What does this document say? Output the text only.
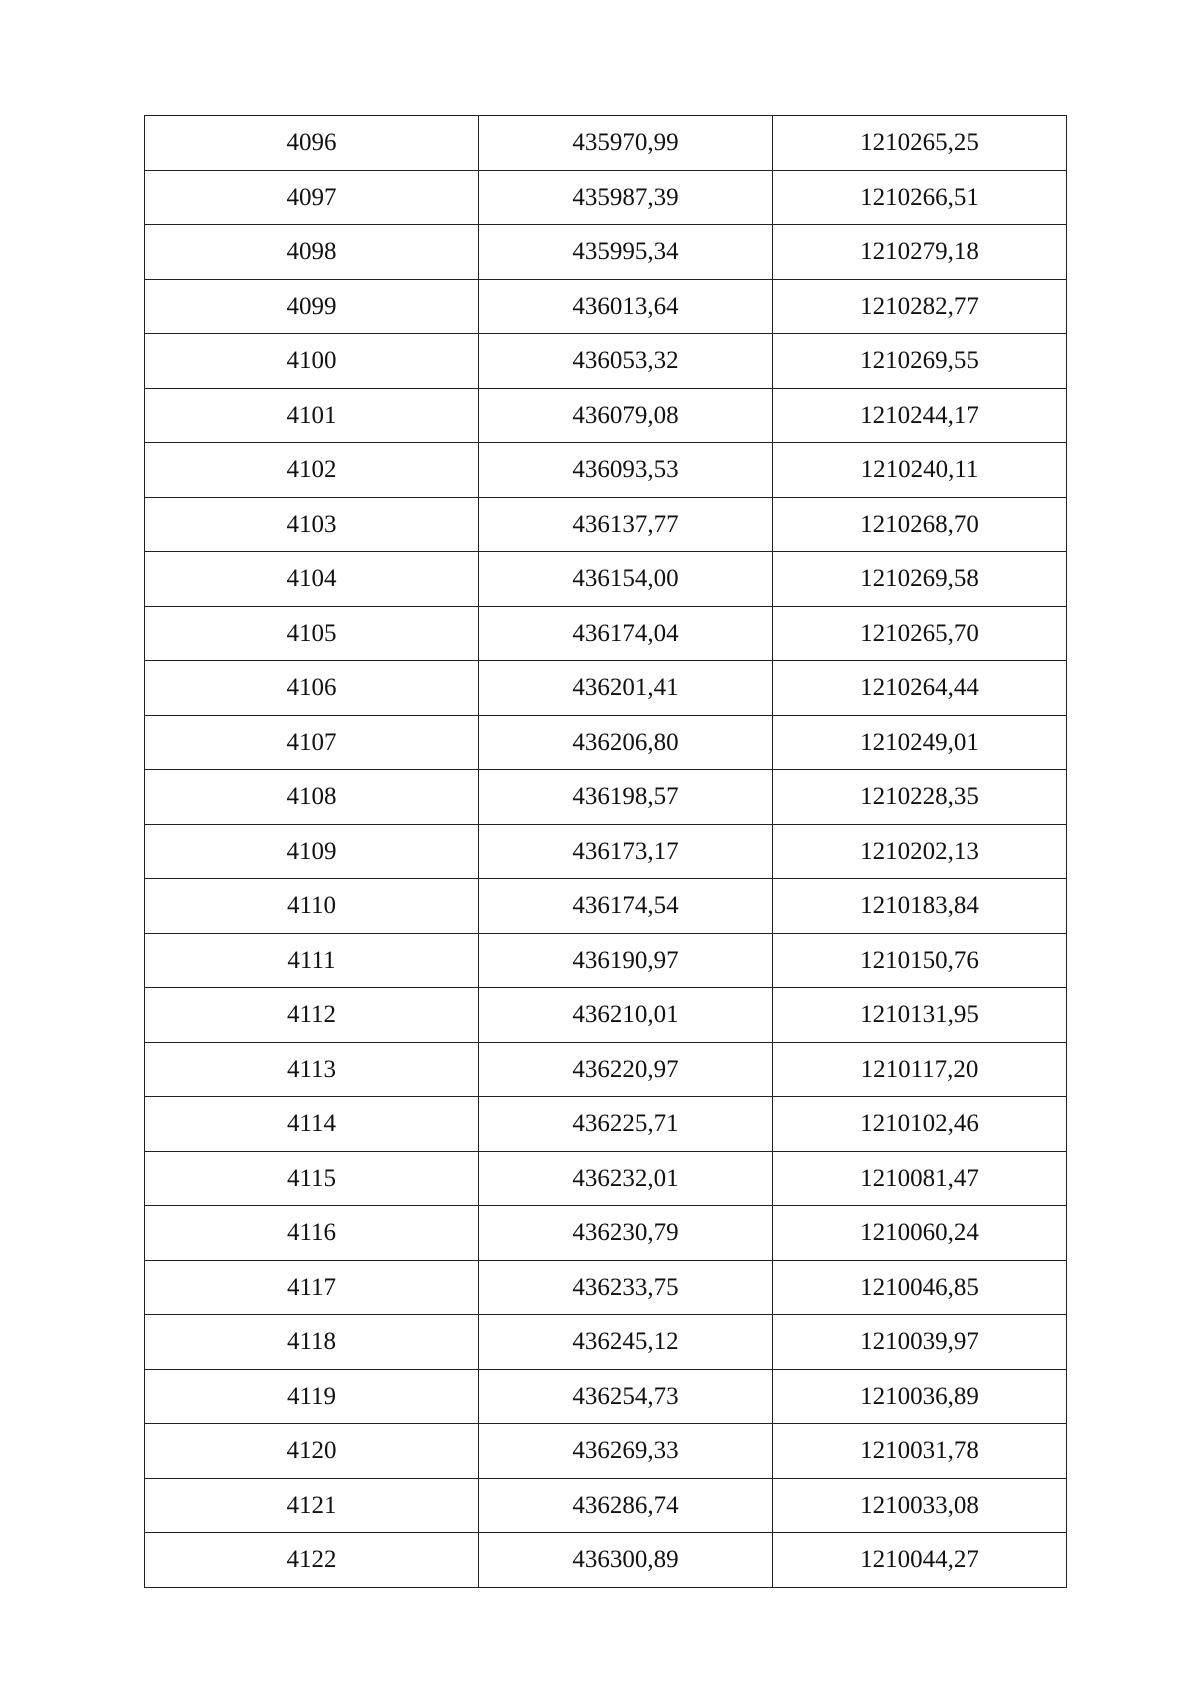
4096	435970,99	1210265,25
4097	435987,39	1210266,51
4098	435995,34	1210279,18
4099	436013,64	1210282,77
4100	436053,32	1210269,55
4101	436079,08	1210244,17
4102	436093,53	1210240,11
4103	436137,77	1210268,70
4104	436154,00	1210269,58
4105	436174,04	1210265,70
4106	436201,41	1210264,44
4107	436206,80	1210249,01
4108	436198,57	1210228,35
4109	436173,17	1210202,13
4110	436174,54	1210183,84
4111	436190,97	1210150,76
4112	436210,01	1210131,95
4113	436220,97	1210117,20
4114	436225,71	1210102,46
4115	436232,01	1210081,47
4116	436230,79	1210060,24
4117	436233,75	1210046,85
4118	436245,12	1210039,97
4119	436254,73	1210036,89
4120	436269,33	1210031,78
4121	436286,74	1210033,08
4122	436300,89	1210044,27
